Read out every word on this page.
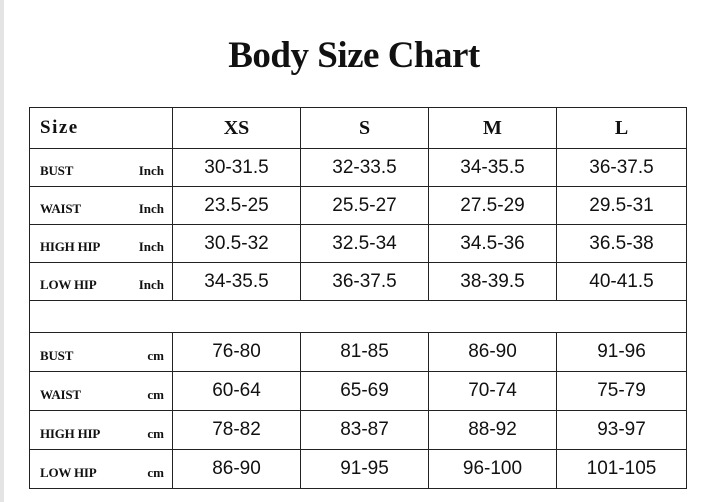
Body Size Chart
Size	XS	S	M	L

BUST Inch	30-31.5	32-33.5	34-35.5	36-37.5

WAIST Inch	23.5-25	25.5-27	27.5-29	29.5-31

HIGH HIP Inch	30.5-32	32.5-34	34.5-36	36.5-38

LOW HIP Inch	34-35.5	36-37.5	38-39.5	40-41.5

BUST cm	76-80	81-85	86-90	91-96

WAIST cm	60-64	65-69	70-74	75-79

HIGH HIP cm	78-82	83-87	88-92	93-97

LOW HIP cm	86-90	91-95	96-100	101-105
